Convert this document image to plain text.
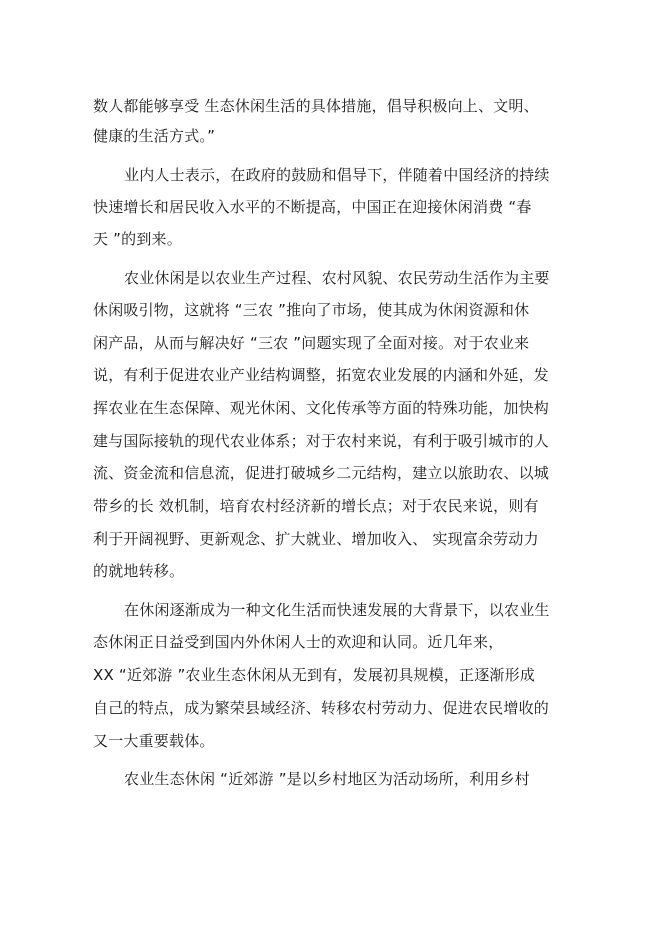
数人都能够享受 生态休闲生活的具体措施，倡导积极向上、文明、
健康的生活方式。”
业内人士表示，在政府的鼓励和倡导下，伴随着中国经济的持续
快速增长和居民收入水平的不断提高，中国正在迎接休闲消费 “春
天 ”的到来。
农业休闲是以农业生产过程、农村风貌、农民劳动生活作为主要
休闲吸引物，这就将 “三农 ”推向了市场，使其成为休闲资源和休
闲产品，从而与解决好 “三农 ”问题实现了全面对接。对于农业来
说，有利于促进农业产业结构调整，拓宽农业发展的内涵和外延，发
挥农业在生态保障、观光休闲、文化传承等方面的特殊功能，加快构
建与国际接轨的现代农业体系；对于农村来说，有利于吸引城市的人
流、资金流和信息流，促进打破城乡二元结构，建立以旅助农、以城
带乡的长 效机制，培育农村经济新的增长点；对于农民来说，则有
利于开阔视野、更新观念、扩大就业、增加收入、 实现富余劳动力
的就地转移。
在休闲逐渐成为一种文化生活而快速发展的大背景下，以农业生
态休闲正日益受到国内外休闲人士的欢迎和认同。近几年来，
XX “近郊游 ”农业生态休闲从无到有，发展初具规模，正逐渐形成
自己的特点，成为繁荣县域经济、转移农村劳动力、促进农民增收的
又一大重要载体。
农业生态休闲 “近郊游 ”是以乡村地区为活动场所，利用乡村
